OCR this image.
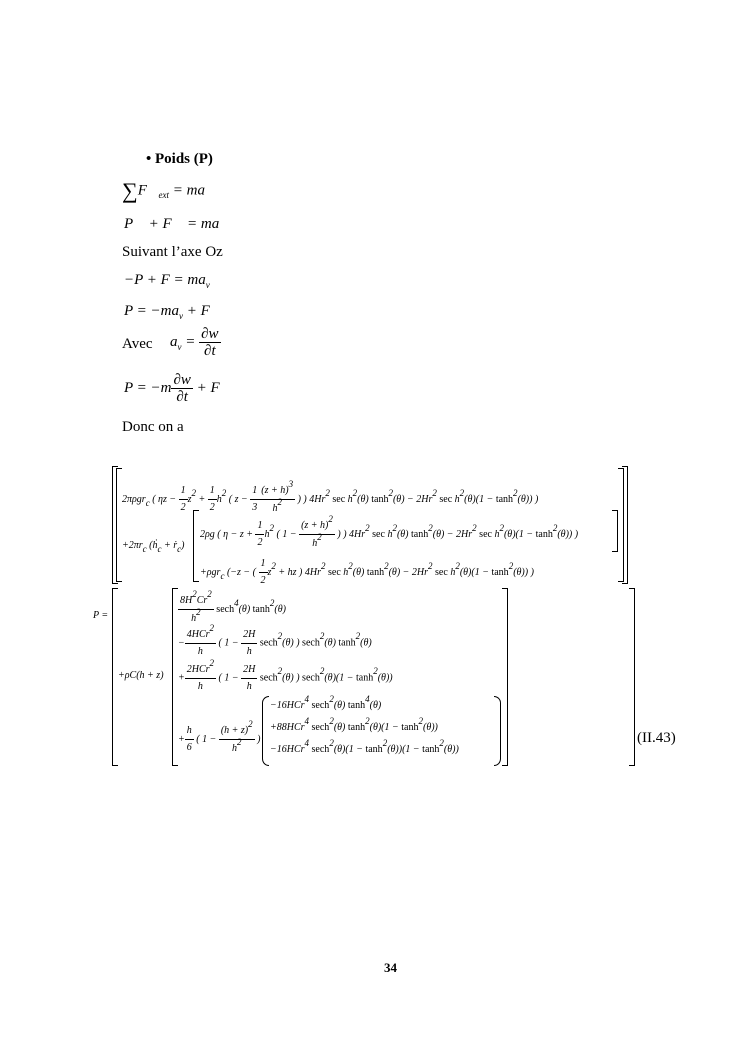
• Poids (P)
$\sum F⃗_{ext}$ = ma⃗
P⃗ + F⃗ = ma⃗
Suivant l’axe Oz
$-P + F = ma_v$
$P = -ma_v + F$
Avec $a_v = \frac{\partial w}{\partial t}$
$P = -m \frac{\partial w}{\partial t} + F$
Donc on a
P =
2πρgrc ( $\eta z - \frac{1}{2} z2 + \frac{1}{2} h2$ ( $z - \frac{1}{3} \frac{(z + h)3}{h2}$ ) ) 4Hr2 sec h2(θ) tanh2(θ) − 2Hr2 sec h2(θ)(1 − tanh2(θ)) )
+2πrc (ḣc + ṙc)
2ρg ( $\eta - z + \frac{1}{2} h2$ ( $1 - \frac{(z + h)2}{h2}$ ) ) 4Hr2 sec h2(θ) tanh2(θ) − 2Hr2 sec h2(θ)(1 − tanh2(θ)) )
+ρgrc (−z − ( $\frac{1}{2} z2$ + hz ) 4Hr2 sec h2(θ) tanh2(θ) − 2Hr2 sec h2(θ)(1 − tanh2(θ)) )
+ρC(h + z)
$\frac{8H2Cr2}{h2} \sec h4(\theta)$ tanh2(θ)
− $\frac{\text{4HCr2}}{h}$ ( $1 - \frac{2H}{h} \sec h2(\theta)$ ) sech2(θ) tanh2(θ)
+ $\frac{\text{2HCr2}}{h}$ ( $1 - \frac{2H}{h} \sec h2(\theta)$ ) sech2(θ)(1 − tanh2(θ))
+ $\frac{h}{6}$ ( $1 - \frac{(h + z)2}{h2}$ )
−16HCr4 sech2(θ) tanh4(θ)
+88HCr4 sech2(θ) tanh2(θ)(1 − tanh2(θ))
−16HCr4 sech2(θ)(1 − tanh2(θ))(1 − tanh2(θ))
(II.43)
34
